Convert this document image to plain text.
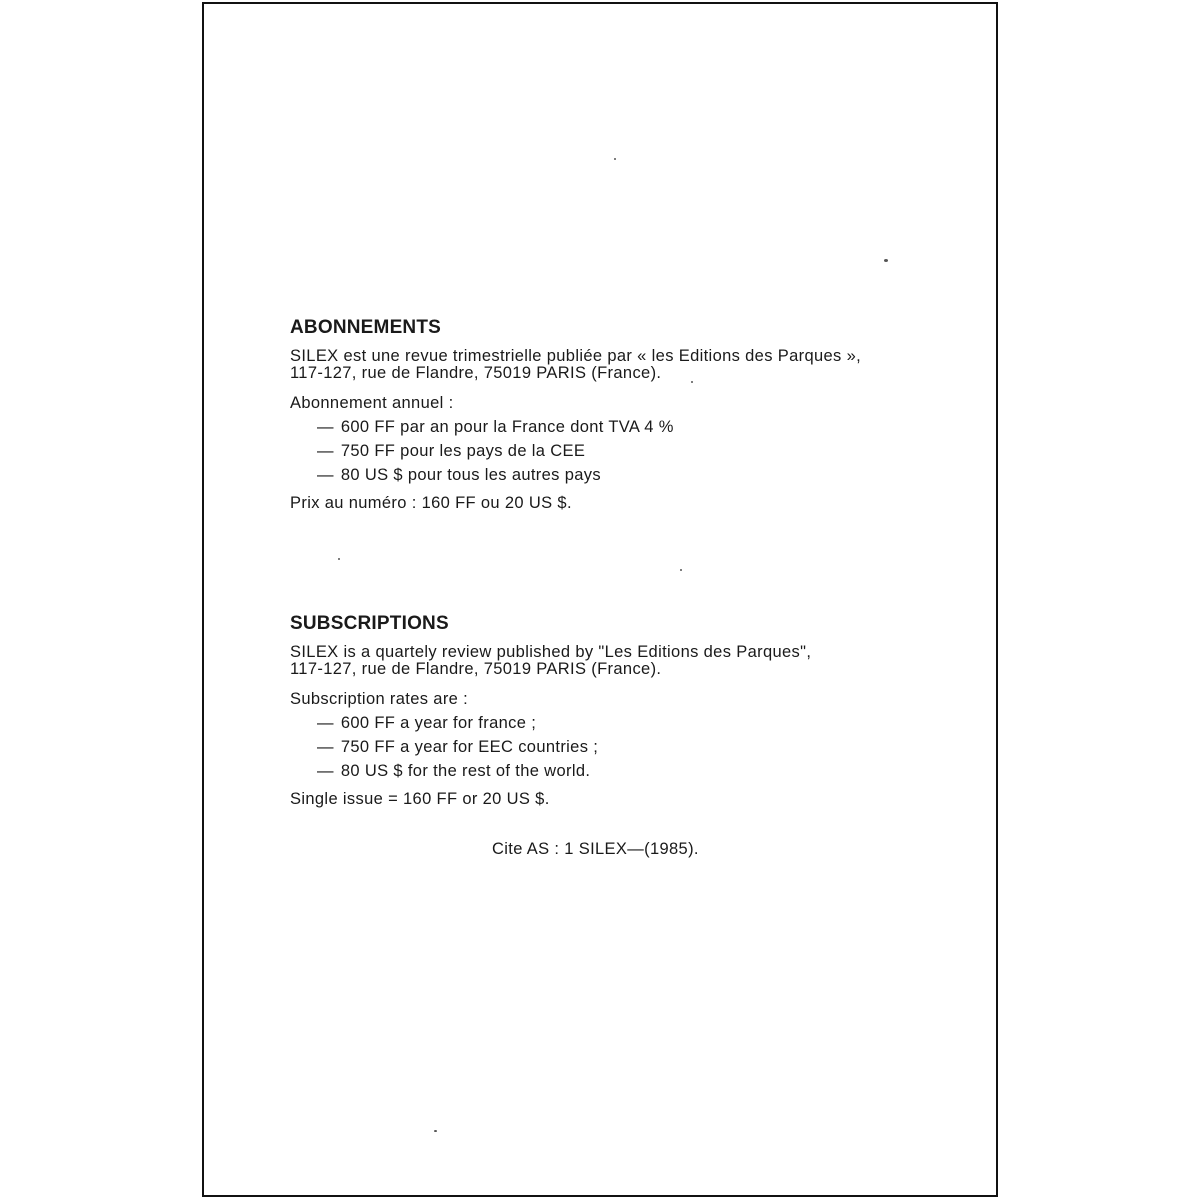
ABONNEMENTS

SILEX est une revue trimestrielle publiée par « les Editions des Parques »,
117-127, rue de Flandre, 75019 PARIS (France).

Abonnement annuel :

— 600 FF par an pour la France dont TVA 4 %
— 750 FF pour les pays de la CEE
— 80 US $ pour tous les autres pays

Prix au numéro : 160 FF ou 20 US $.

SUBSCRIPTIONS

SILEX is a quartely review published by "Les Editions des Parques",
117-127, rue de Flandre, 75019 PARIS (France).

Subscription rates are :

— 600 FF a year for france ;
— 750 FF a year for EEC countries ;
— 80 US $ for the rest of the world.

Single issue = 160 FF or 20 US $.

Cite AS : 1 SILEX—(1985).
